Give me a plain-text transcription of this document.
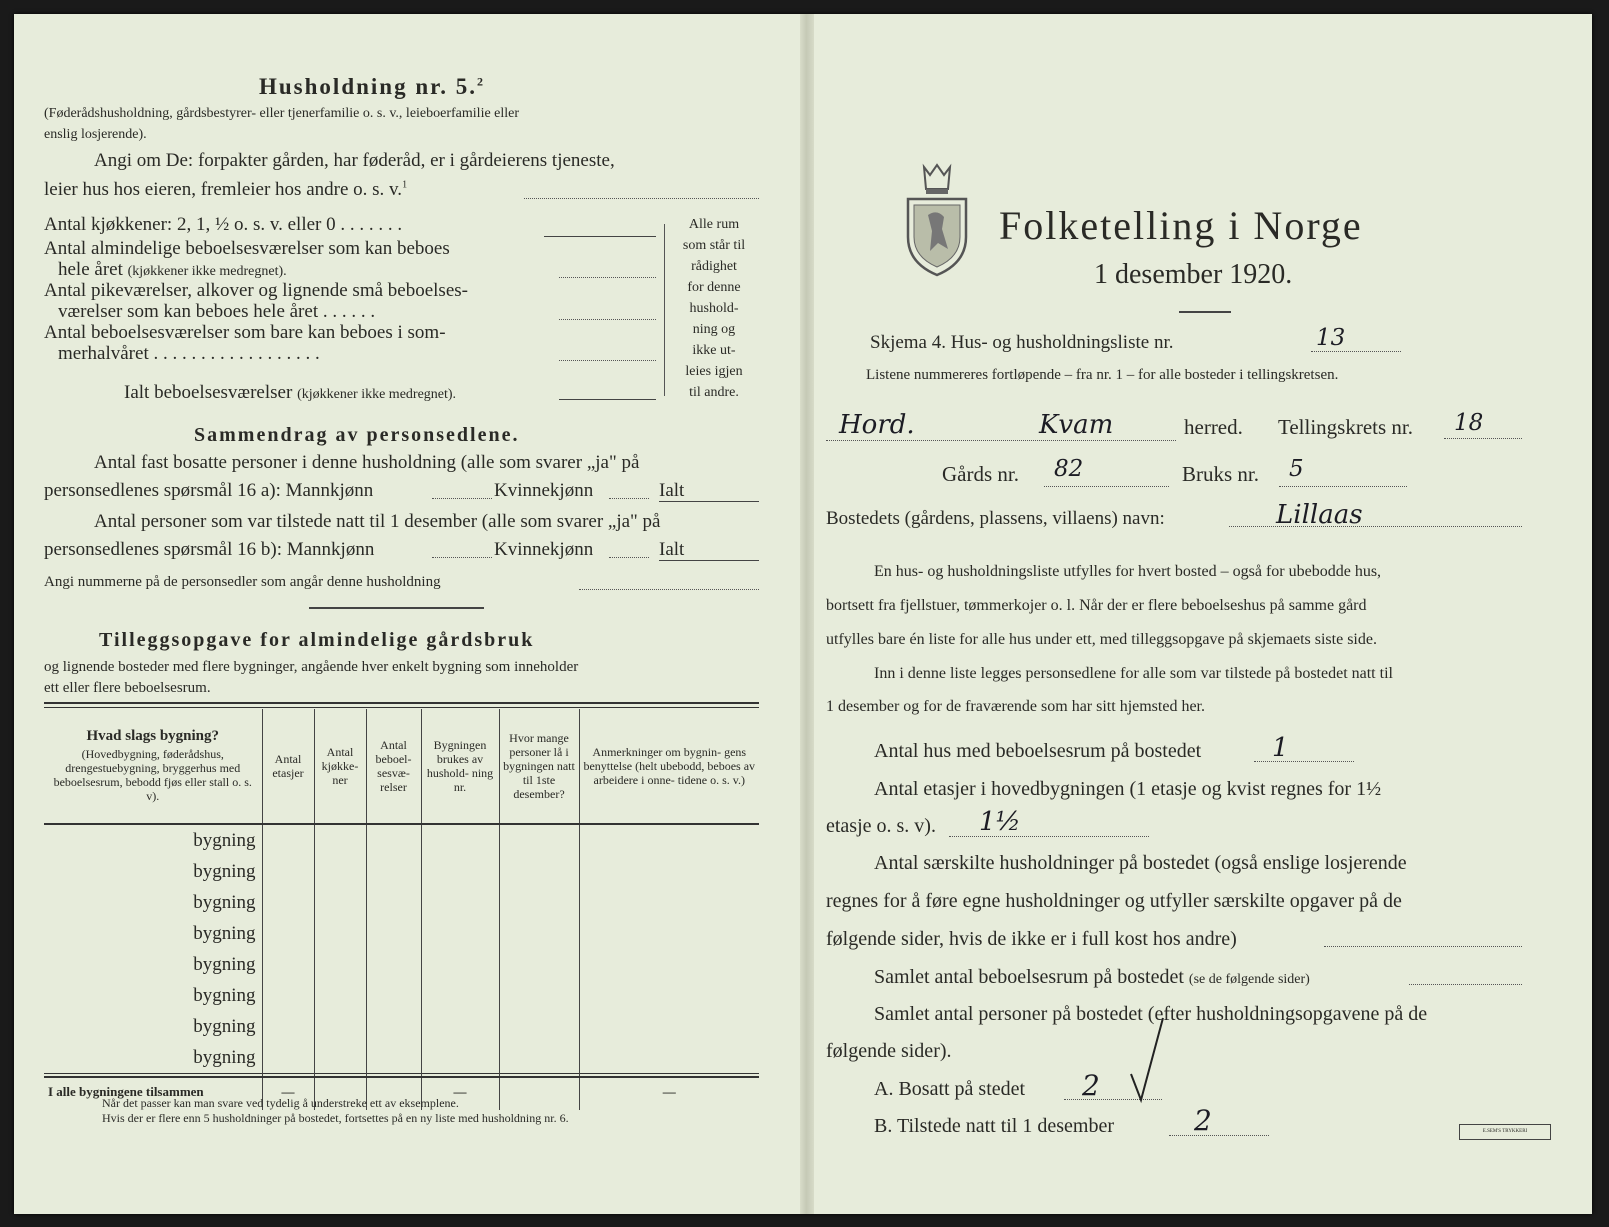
Husholdning nr. 5.$^2$
(Føderådshusholdning, gårdsbestyrer- eller tjenerfamilie o. s. v., leieboerfamilie eller
enslig losjerende).
Angi om De: forpakter gården, har føderåd, er i gårdeierens tjeneste,
leier hus hos eieren, fremleier hos andre o. s. v.$^1$
Antal kjøkkener: 2, 1, ½ o. s. v. eller 0 . . . . . . .
Antal almindelige beboelsesværelser som kan beboes
hele året (kjøkkener ikke medregnet).
Antal pikeværelser, alkover og lignende små beboelses-
værelser som kan beboes hele året . . . . . .
Antal beboelsesværelser som bare kan beboes i som-
merhalvåret . . . . . . . . . . . . . . . . . .
Ialt beboelsesværelser (kjøkkener ikke medregnet).
Alle rum
som står til
rådighet
for denne
hushold-
ning og
ikke ut-
leies igjen
til andre.
Sammendrag av personsedlene.
Antal fast bosatte personer i denne husholdning (alle som svarer „ja" på
personsedlenes spørsmål 16 a): Mannkjønn	Kvinnekjønn	Ialt
Antal personer som var tilstede natt til 1 desember (alle som svarer „ja" på
personsedlenes spørsmål 16 b): Mannkjønn	Kvinnekjønn	Ialt
Angi nummerne på de personsedler som angår denne husholdning
Tilleggsopgave for almindelige gårdsbruk
og lignende bosteder med flere bygninger, angående hver enkelt bygning som inneholder
ett eller flere beboelsesrum.
Hvad slags bygning?
(Hovedbygning, føderådshus, drengestuebygning, bryggerhus med beboelsesrum, bebodd fjøs eller stall o. s. v).	Antal etasjer	Antal kjøkke- ner	Antal beboel- sesvæ- relser	Bygningen brukes av hushold- ning nr.	Hvor mange personer lå i bygningen natt til 1ste desember?	Anmerkninger om bygnin- gens benyttelse (helt ubebodd, beboes av arbeidere i onne- tidene o. s. v.)
bygning						
bygning						
bygning						
bygning						
bygning						
bygning						
bygning						
bygning						
I alle bygningene tilsammen	—			—		—
Når det passer kan man svare ved tydelig å understreke ett av eksemplene.
Hvis der er flere enn 5 husholdninger på bostedet, fortsettes på en ny liste med husholdning nr. 6.
Folketelling i Norge
1 desember 1920.
Skjema 4. Hus- og husholdningsliste nr.	13
Listene nummereres fortløpende – fra nr. 1 – for alle bosteder i tellingskretsen.
Hord.	Kvam	herred. Tellingskrets nr. 18
Gårds nr. 82	Bruks nr. 5
Bostedets (gårdens, plassens, villaens) navn:	Lillaas
En hus- og husholdningsliste utfylles for hvert bosted – også for ubebodde hus,
bortsett fra fjellstuer, tømmerkojer o. l. Når der er flere beboelseshus på samme gård
utfylles bare én liste for alle hus under ett, med tilleggsopgave på skjemaets siste side.
Inn i denne liste legges personsedlene for alle som var tilstede på bostedet natt til
1 desember og for de fraværende som har sitt hjemsted her.
Antal hus med beboelsesrum på bostedet	1
Antal etasjer i hovedbygningen (1 etasje og kvist regnes for 1½
etasje o. s. v). 1½
Antal særskilte husholdninger på bostedet (også enslige losjerende
regnes for å føre egne husholdninger og utfyller særskilte opgaver på de
følgende sider, hvis de ikke er i full kost hos andre)
Samlet antal beboelsesrum på bostedet (se de følgende sider)
Samlet antal personer på bostedet (efter husholdningsopgavene på de
følgende sider).
A. Bosatt på stedet 2
B. Tilstede natt til 1 desember	2	E.SEM'S TRYKKERI
